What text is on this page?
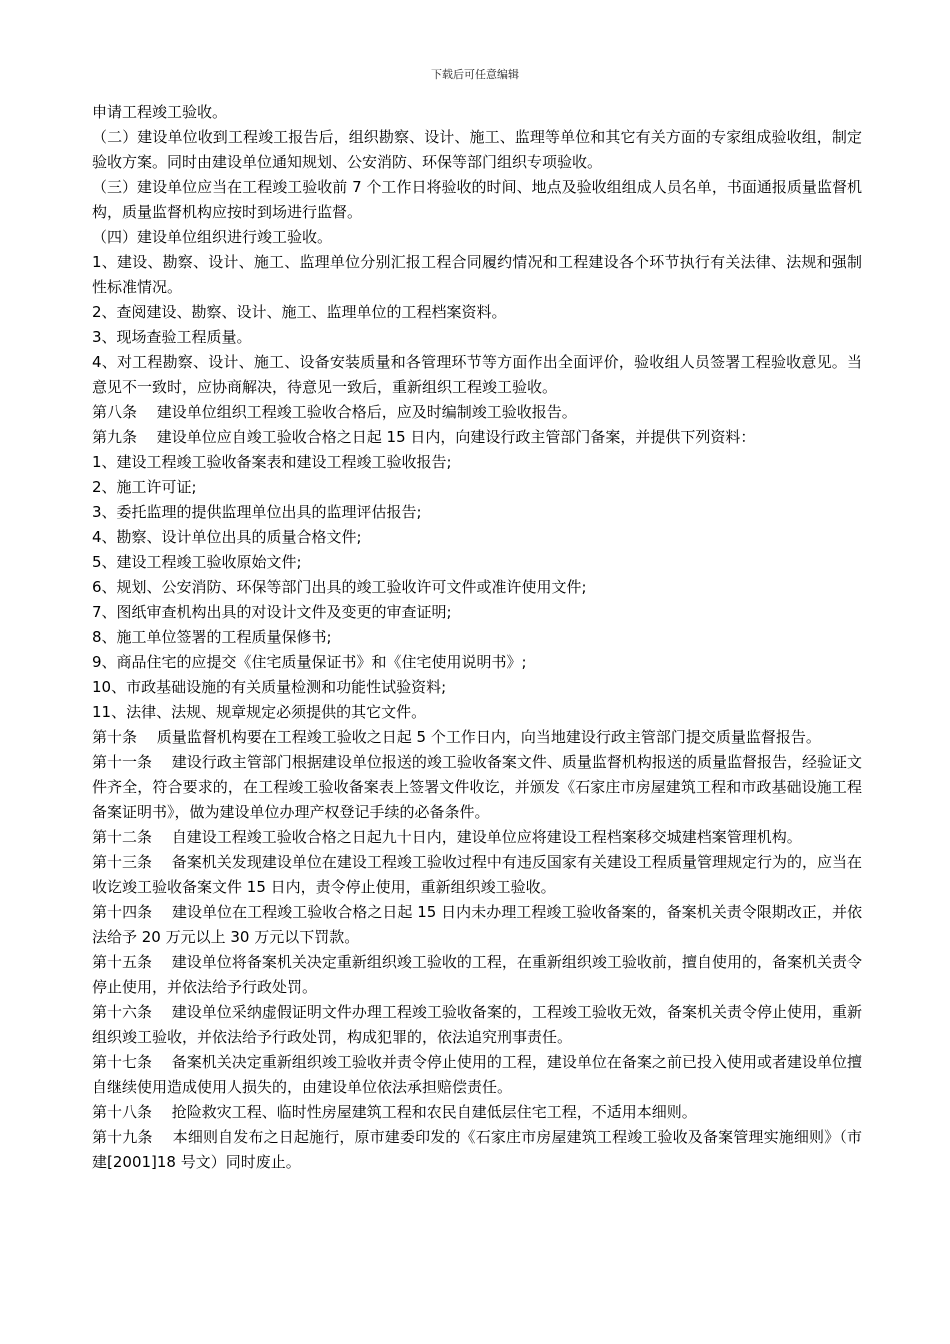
下载后可任意编辑

申请工程竣工验收。

（二）建设单位收到工程竣工报告后，组织勘察、设计、施工、监理等单位和其它有关方面的专家组成验收组，制定验收方案。同时由建设单位通知规划、公安消防、环保等部门组织专项验收。

（三）建设单位应当在工程竣工验收前 7 个工作日将验收的时间、地点及验收组组成人员名单，书面通报质量监督机构，质量监督机构应按时到场进行监督。

（四）建设单位组织进行竣工验收。

1、建设、勘察、设计、施工、监理单位分别汇报工程合同履约情况和工程建设各个环节执行有关法律、法规和强制性标准情况。

2、查阅建设、勘察、设计、施工、监理单位的工程档案资料。

3、现场查验工程质量。

4、对工程勘察、设计、施工、设备安装质量和各管理环节等方面作出全面评价，验收组人员签署工程验收意见。当意见不一致时，应协商解决，待意见一致后，重新组织工程竣工验收。

第八条　 建设单位组织工程竣工验收合格后，应及时编制竣工验收报告。

第九条　 建设单位应自竣工验收合格之日起 15 日内，向建设行政主管部门备案，并提供下列资料：

1、建设工程竣工验收备案表和建设工程竣工验收报告;

2、施工许可证;

3、委托监理的提供监理单位出具的监理评估报告;

4、勘察、设计单位出具的质量合格文件;

5、建设工程竣工验收原始文件;

6、规划、公安消防、环保等部门出具的竣工验收许可文件或准许使用文件;

7、图纸审查机构出具的对设计文件及变更的审查证明;

8、施工单位签署的工程质量保修书;

9、商品住宅的应提交《住宅质量保证书》和《住宅使用说明书》;

10、市政基础设施的有关质量检测和功能性试验资料;

11、法律、法规、规章规定必须提供的其它文件。

第十条　 质量监督机构要在工程竣工验收之日起 5 个工作日内，向当地建设行政主管部门提交质量监督报告。

第十一条　 建设行政主管部门根据建设单位报送的竣工验收备案文件、质量监督机构报送的质量监督报告，经验证文件齐全，符合要求的，在工程竣工验收备案表上签署文件收讫，并颁发《石家庄市房屋建筑工程和市政基础设施工程备案证明书》，做为建设单位办理产权登记手续的必备条件。

第十二条　 自建设工程竣工验收合格之日起九十日内，建设单位应将建设工程档案移交城建档案管理机构。

第十三条　 备案机关发现建设单位在建设工程竣工验收过程中有违反国家有关建设工程质量管理规定行为的，应当在收讫竣工验收备案文件 15 日内，责令停止使用，重新组织竣工验收。

第十四条　 建设单位在工程竣工验收合格之日起 15 日内未办理工程竣工验收备案的，备案机关责令限期改正，并依法给予 20 万元以上 30 万元以下罚款。

第十五条　 建设单位将备案机关决定重新组织竣工验收的工程，在重新组织竣工验收前，擅自使用的，备案机关责令停止使用，并依法给予行政处罚。

第十六条　 建设单位采纳虚假证明文件办理工程竣工验收备案的，工程竣工验收无效，备案机关责令停止使用，重新组织竣工验收，并依法给予行政处罚，构成犯罪的，依法追究刑事责任。

第十七条　 备案机关决定重新组织竣工验收并责令停止使用的工程，建设单位在备案之前已投入使用或者建设单位擅自继续使用造成使用人损失的，由建设单位依法承担赔偿责任。

第十八条　 抢险救灾工程、临时性房屋建筑工程和农民自建低层住宅工程，不适用本细则。

第十九条　 本细则自发布之日起施行，原市建委印发的《石家庄市房屋建筑工程竣工验收及备案管理实施细则》（市建[2001]18 号文）同时废止。
